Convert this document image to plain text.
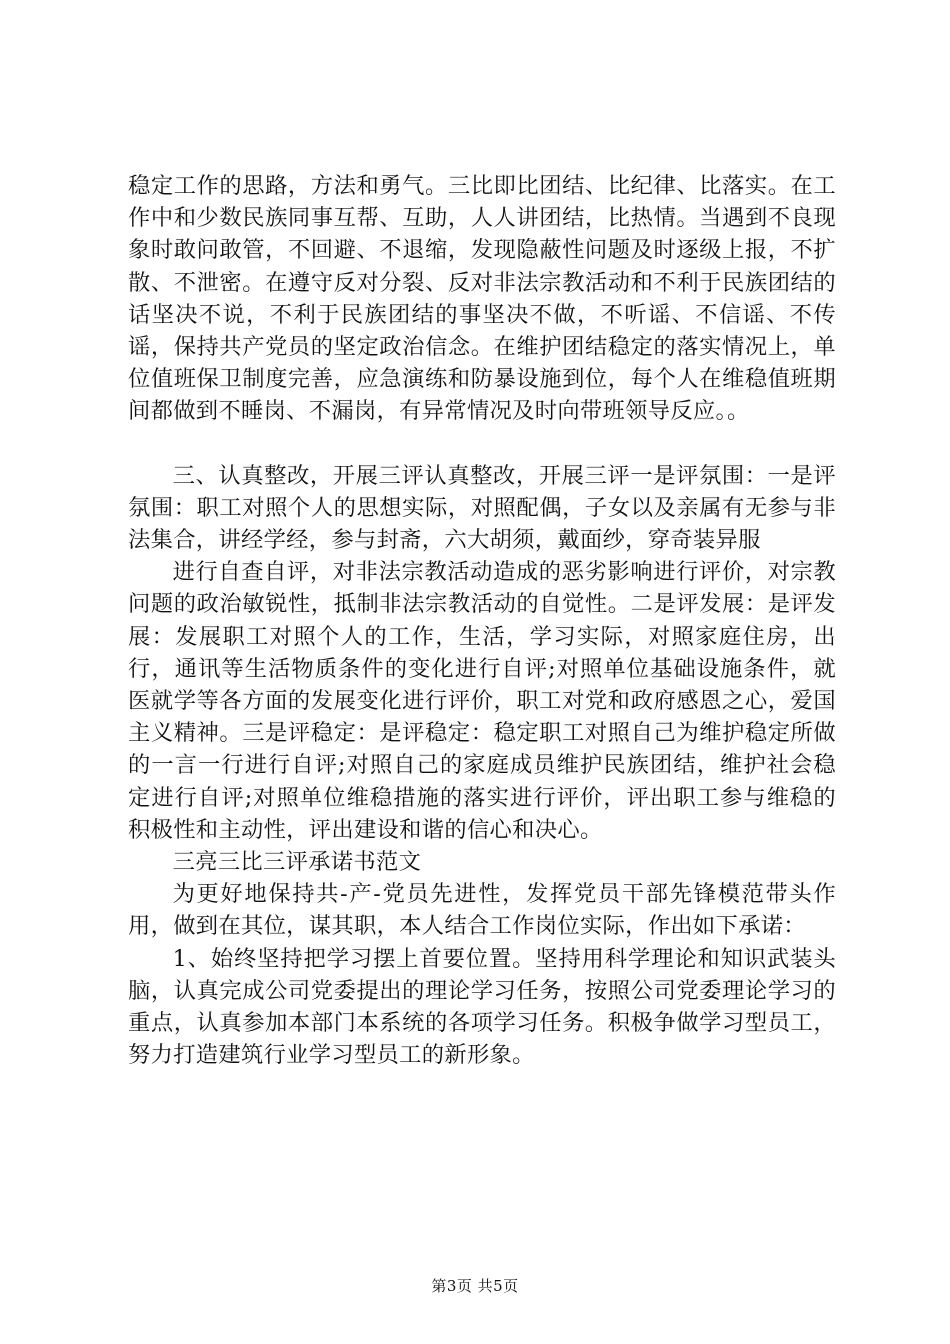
稳定工作的思路，方法和勇气。三比即比团结、比纪律、比落实。在工作中和少数民族同事互帮、互助，人人讲团结，比热情。当遇到不良现象时敢问敢管，不回避、不退缩，发现隐蔽性问题及时逐级上报，不扩散、不泄密。在遵守反对分裂、反对非法宗教活动和不利于民族团结的话坚决不说，不利于民族团结的事坚决不做，不听谣、不信谣、不传谣，保持共产党员的坚定政治信念。在维护团结稳定的落实情况上，单位值班保卫制度完善，应急演练和防暴设施到位，每个人在维稳值班期间都做到不睡岗、不漏岗，有异常情况及时向带班领导反应。。

三、认真整改，开展三评认真整改，开展三评一是评氛围：一是评氛围：职工对照个人的思想实际，对照配偶，子女以及亲属有无参与非法集合，讲经学经，参与封斋，六大胡须，戴面纱，穿奇装异服

进行自查自评，对非法宗教活动造成的恶劣影响进行评价，对宗教问题的政治敏锐性，抵制非法宗教活动的自觉性。二是评发展：是评发展：发展职工对照个人的工作，生活，学习实际，对照家庭住房，出行，通讯等生活物质条件的变化进行自评;对照单位基础设施条件，就医就学等各方面的发展变化进行评价，职工对党和政府感恩之心，爱国主义精神。三是评稳定：是评稳定：稳定职工对照自己为维护稳定所做的一言一行进行自评;对照自己的家庭成员维护民族团结，维护社会稳定进行自评;对照单位维稳措施的落实进行评价，评出职工参与维稳的积极性和主动性，评出建设和谐的信心和决心。

三亮三比三评承诺书范文

为更好地保持共-产-党员先进性，发挥党员干部先锋模范带头作用，做到在其位，谋其职，本人结合工作岗位实际，作出如下承诺：

1、始终坚持把学习摆上首要位置。坚持用科学理论和知识武装头脑，认真完成公司党委提出的理论学习任务，按照公司党委理论学习的重点，认真参加本部门本系统的各项学习任务。积极争做学习型员工，努力打造建筑行业学习型员工的新形象。

第3页 共5页
